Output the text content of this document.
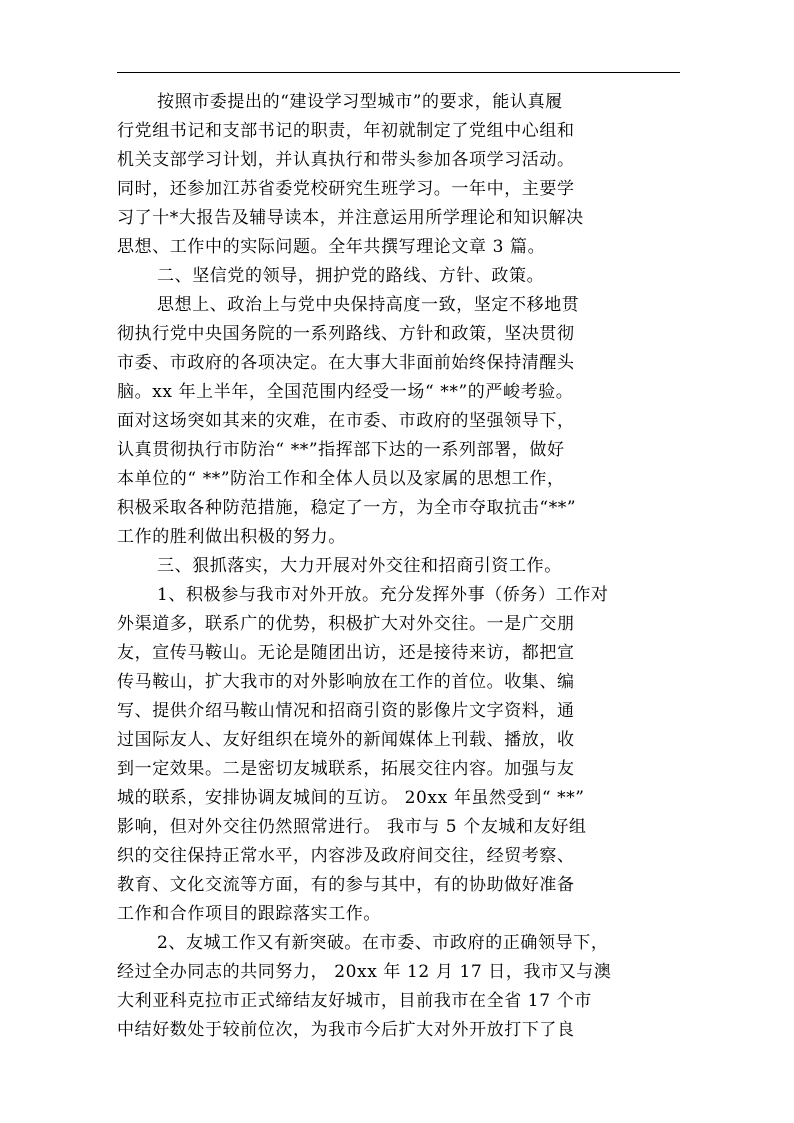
按照市委提出的“建设学习型城市”的要求，能认真履
行党组书记和支部书记的职责，年初就制定了党组中心组和
机关支部学习计划，并认真执行和带头参加各项学习活动。
同时，还参加江苏省委党校研究生班学习。一年中，主要学
习了十*大报告及辅导读本，并注意运用所学理论和知识解决
思想、工作中的实际问题。全年共撰写理论文章 3 篇。
二、坚信党的领导，拥护党的路线、方针、政策。
思想上、政治上与党中央保持高度一致，坚定不移地贯
彻执行党中央国务院的一系列路线、方针和政策，坚决贯彻
市委、市政府的各项决定。在大事大非面前始终保持清醒头
脑。xx 年上半年，全国范围内经受一场“ **”的严峻考验。
面对这场突如其来的灾难，在市委、市政府的坚强领导下，
认真贯彻执行市防治“ **”指挥部下达的一系列部署，做好
本单位的“ **”防治工作和全体人员以及家属的思想工作，
积极采取各种防范措施，稳定了一方，为全市夺取抗击“**”
工作的胜利做出积极的努力。
三、狠抓落实，大力开展对外交往和招商引资工作。
1、积极参与我市对外开放。充分发挥外事（侨务）工作对
外渠道多，联系广的优势，积极扩大对外交往。一是广交朋
友，宣传马鞍山。无论是随团出访，还是接待来访，都把宣
传马鞍山，扩大我市的对外影响放在工作的首位。收集、编
写、提供介绍马鞍山情况和招商引资的影像片文字资料，通
过国际友人、友好组织在境外的新闻媒体上刊载、播放，收
到一定效果。二是密切友城联系，拓展交往内容。加强与友
城的联系，安排协调友城间的互访。 20xx 年虽然受到“ **”
影响，但对外交往仍然照常进行。 我市与 5 个友城和友好组
织的交往保持正常水平，内容涉及政府间交往，经贸考察、
教育、文化交流等方面，有的参与其中，有的协助做好准备
工作和合作项目的跟踪落实工作。
2、友城工作又有新突破。在市委、市政府的正确领导下，
经过全办同志的共同努力， 20xx 年 12 月 17 日，我市又与澳
大利亚科克拉市正式缔结友好城市，目前我市在全省 17 个市
中结好数处于较前位次，为我市今后扩大对外开放打下了良
